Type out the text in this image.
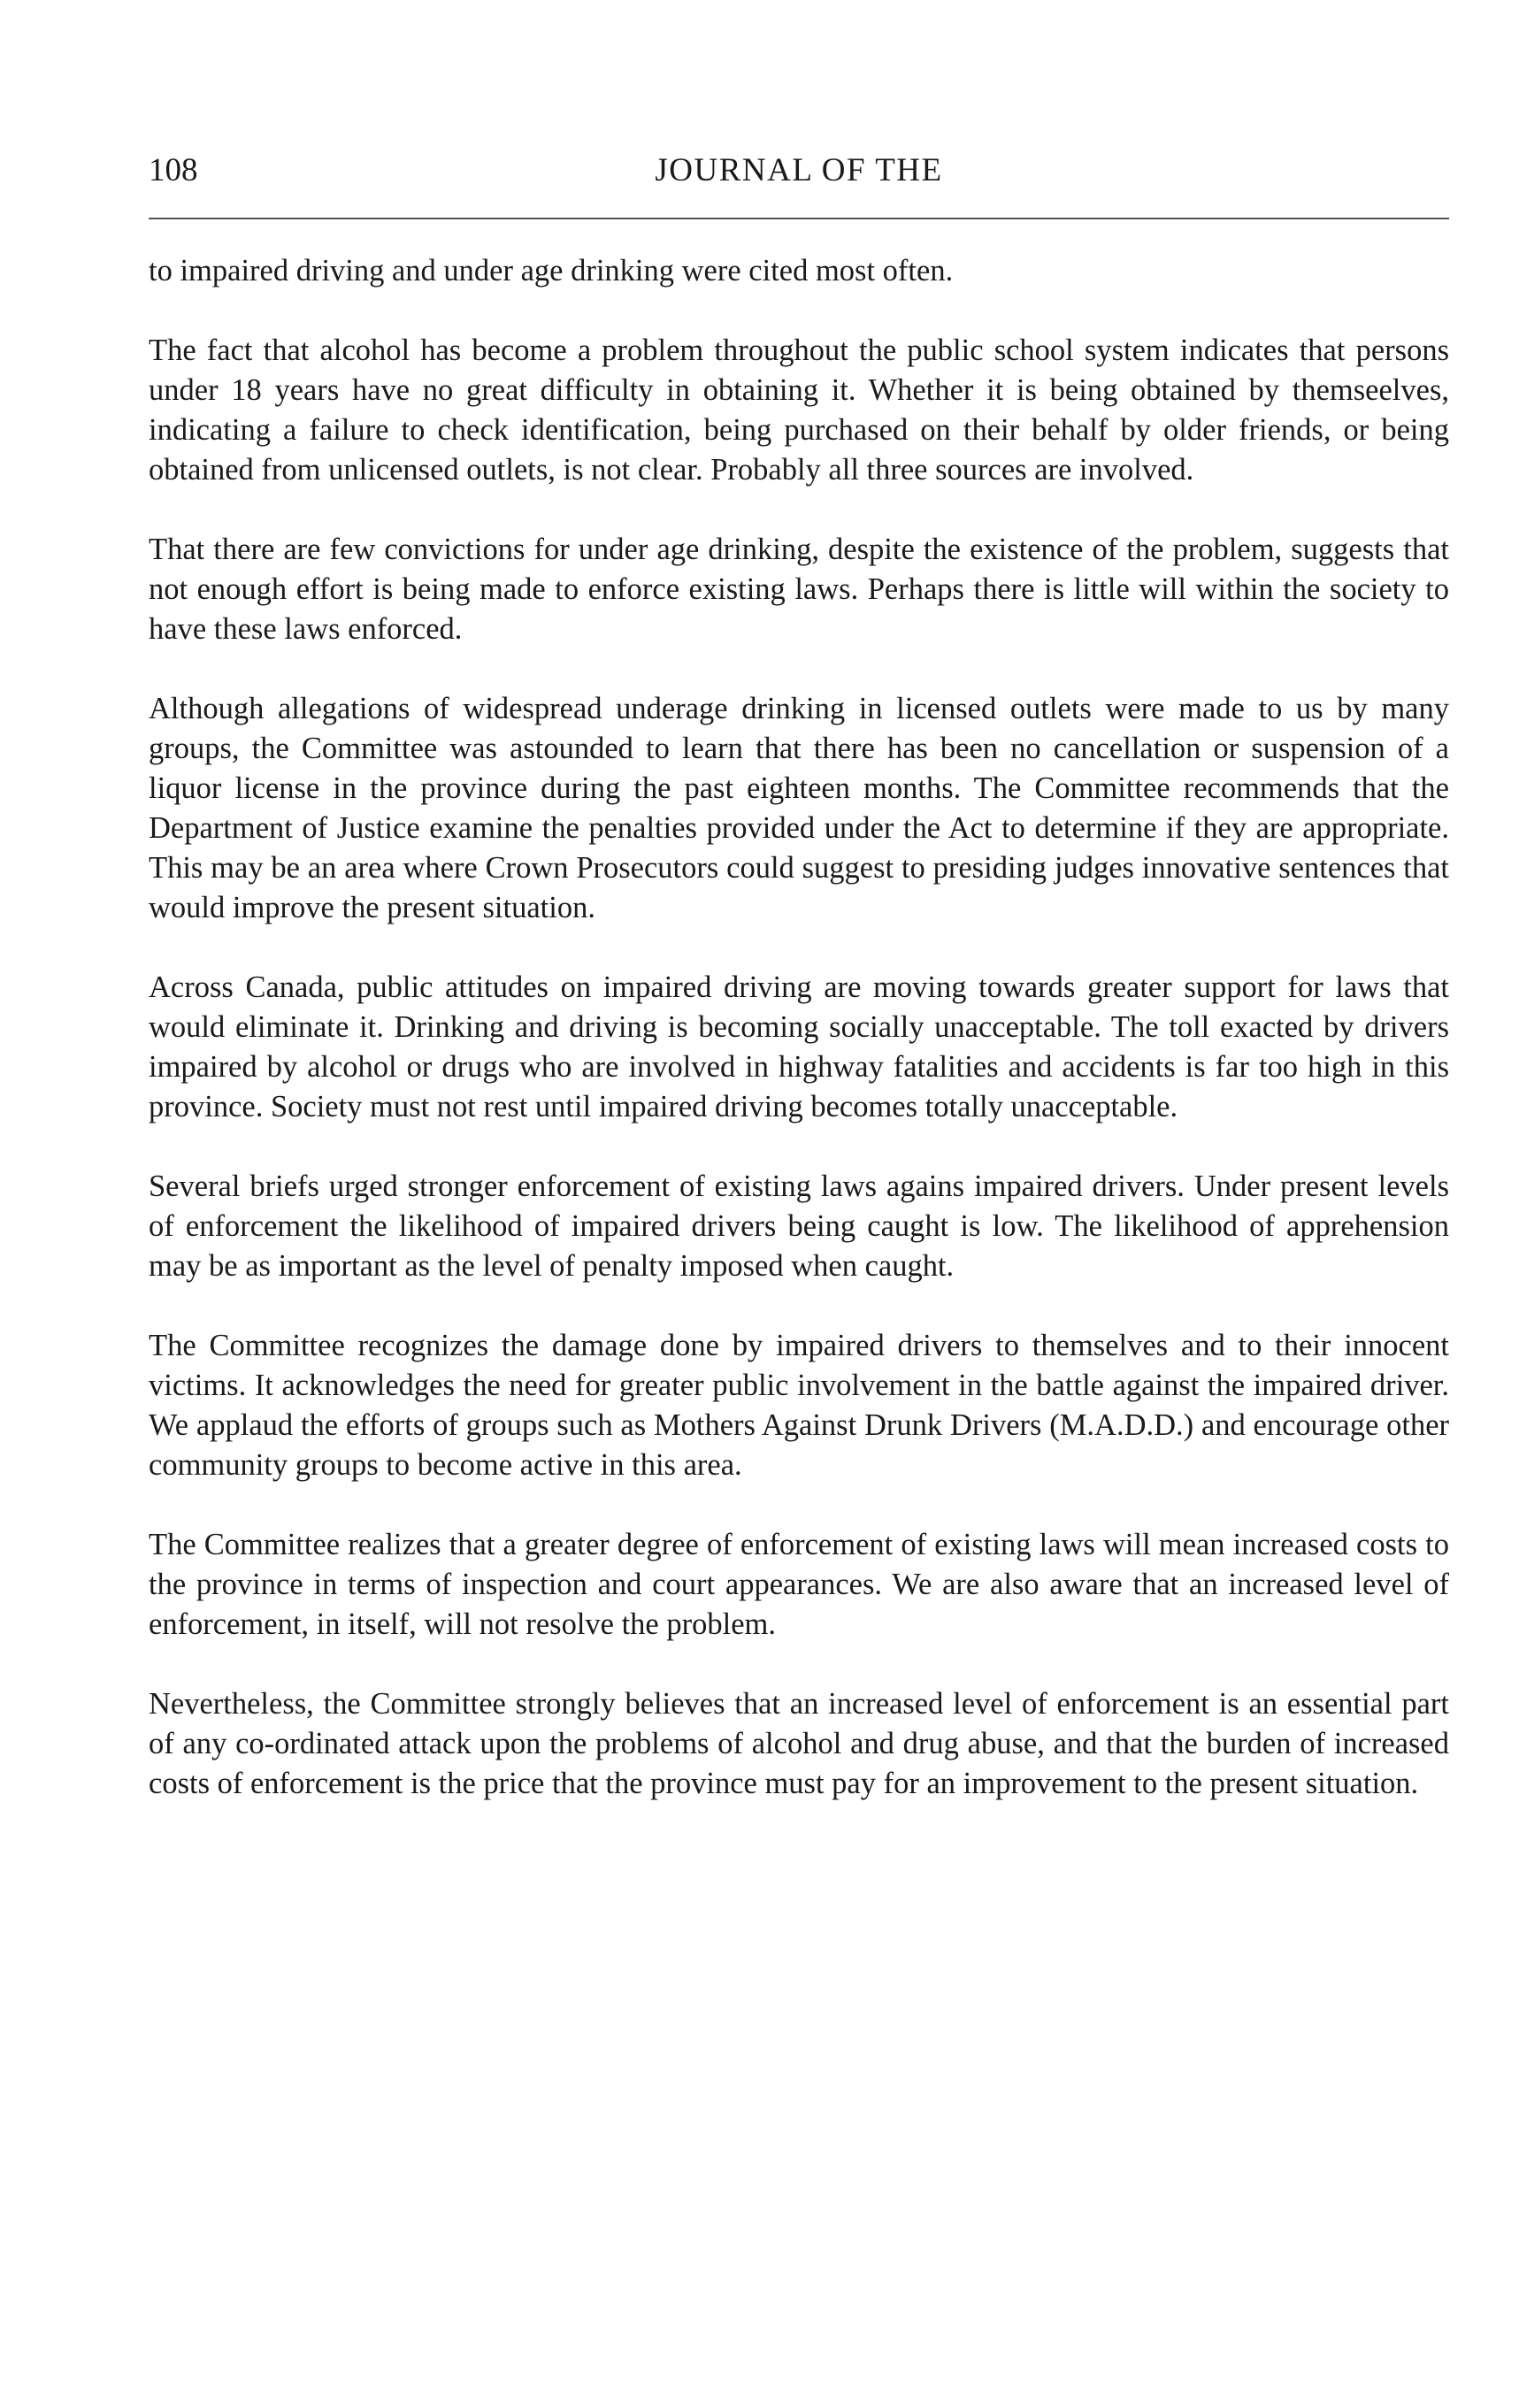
108	JOURNAL OF THE

to impaired driving and under age drinking were cited most often.

The fact that alcohol has become a problem throughout the public school system indicates that persons under 18 years have no great difficulty in obtaining it. Whether it is being obtained by themseelves, indicating a failure to check identification, being purchased on their behalf by older friends, or being obtained from unlicensed outlets, is not clear. Probably all three sources are involved.

That there are few convictions for under age drinking, despite the existence of the problem, suggests that not enough effort is being made to enforce existing laws. Perhaps there is little will within the society to have these laws enforced.

Although allegations of widespread underage drinking in licensed outlets were made to us by many groups, the Committee was astounded to learn that there has been no cancellation or suspension of a liquor license in the province during the past eighteen months. The Committee recommends that the Department of Justice examine the penalties provided under the Act to determine if they are appropriate. This may be an area where Crown Prosecutors could suggest to presiding judges innovative sentences that would improve the present situation.

Across Canada, public attitudes on impaired driving are moving towards greater support for laws that would eliminate it. Drinking and driving is becoming socially unacceptable. The toll exacted by drivers impaired by alcohol or drugs who are involved in highway fatalities and accidents is far too high in this province. Society must not rest until impaired driving becomes totally unacceptable.

Several briefs urged stronger enforcement of existing laws agains impaired drivers. Under present levels of enforcement the likelihood of impaired drivers being caught is low. The likelihood of apprehension may be as important as the level of penalty imposed when caught.

The Committee recognizes the damage done by impaired drivers to themselves and to their innocent victims. It acknowledges the need for greater public involvement in the battle against the impaired driver. We applaud the efforts of groups such as Mothers Against Drunk Drivers (M.A.D.D.) and encourage other community groups to become active in this area.

The Committee realizes that a greater degree of enforcement of existing laws will mean increased costs to the province in terms of inspection and court appearances. We are also aware that an increased level of enforcement, in itself, will not resolve the problem.

Nevertheless, the Committee strongly believes that an increased level of enforcement is an essential part of any co-ordinated attack upon the problems of alcohol and drug abuse, and that the burden of increased costs of enforcement is the price that the province must pay for an improvement to the present situation.
